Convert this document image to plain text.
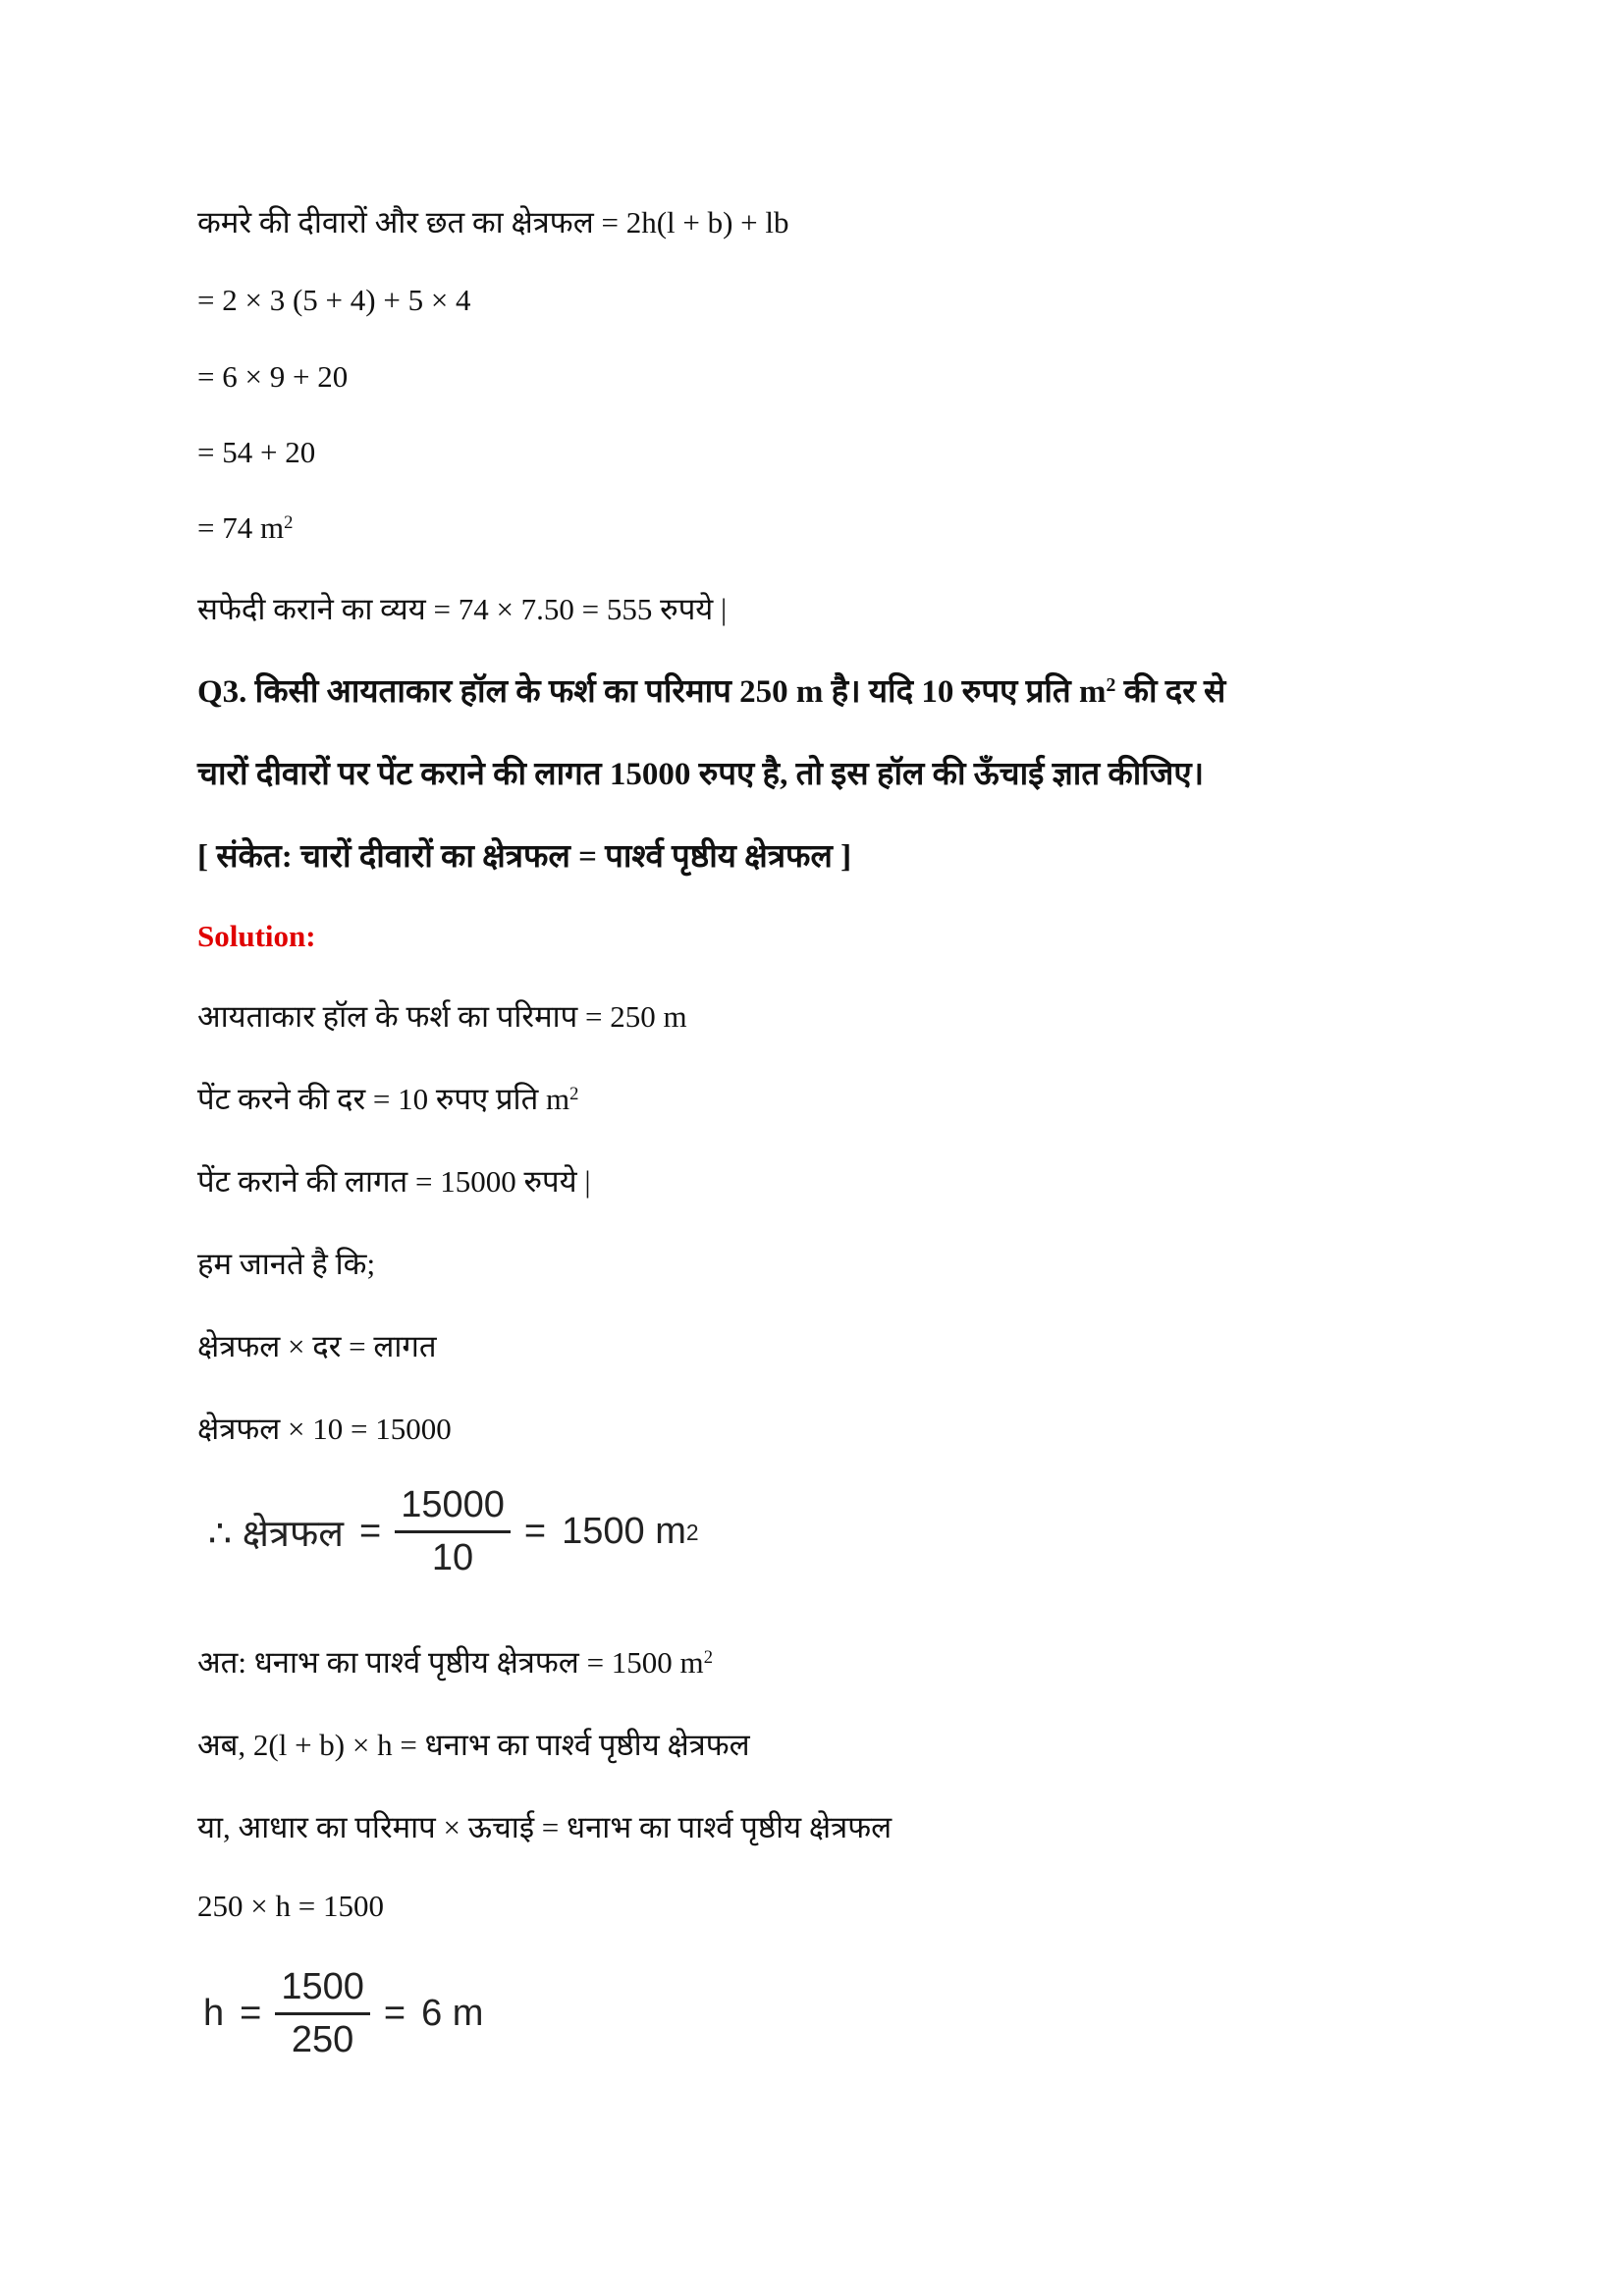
कमरे की दीवारों और छत का क्षेत्रफल = 2h(l + b) + lb
= 2 × 3 (5 + 4) + 5 × 4
= 6 × 9 + 20
= 54 + 20
= 74 $m^2$
सफेदी कराने का व्यय = 74 × 7.50 = 555 रुपये |
Q3. किसी आयताकार हॉल के फर्श का परिमाप 250 m है। यदि 10 रुपए प्रति $m^2$ की दर से
चारों दीवारों पर पेंट कराने की लागत 15000 रुपए है, तो इस हॉल की ऊँचाई ज्ञात कीजिए।
[ संकेत: चारों दीवारों का क्षेत्रफल = पार्श्व पृष्ठीय क्षेत्रफल ]
Solution:
आयताकार हॉल के फर्श का परिमाप = 250 m
पेंट करने की दर = 10 रुपए प्रति $m^2$
पेंट कराने की लागत = 15000 रुपये |
हम जानते है कि;
क्षेत्रफल × दर = लागत
क्षेत्रफल × 10 = 15000
∴ क्षेत्रफल = $\frac{15000}{10} = 1500$ m 2
अत: धनाभ का पार्श्व पृष्ठीय क्षेत्रफल = 1500 $m^2$
अब, 2(l + b) × h = धनाभ का पार्श्व पृष्ठीय क्षेत्रफल
या, आधार का परिमाप × ऊचाई = धनाभ का पार्श्व पृष्ठीय क्षेत्रफल
250 × h = 1500
$h = \frac{1500}{250} = 6$ m
